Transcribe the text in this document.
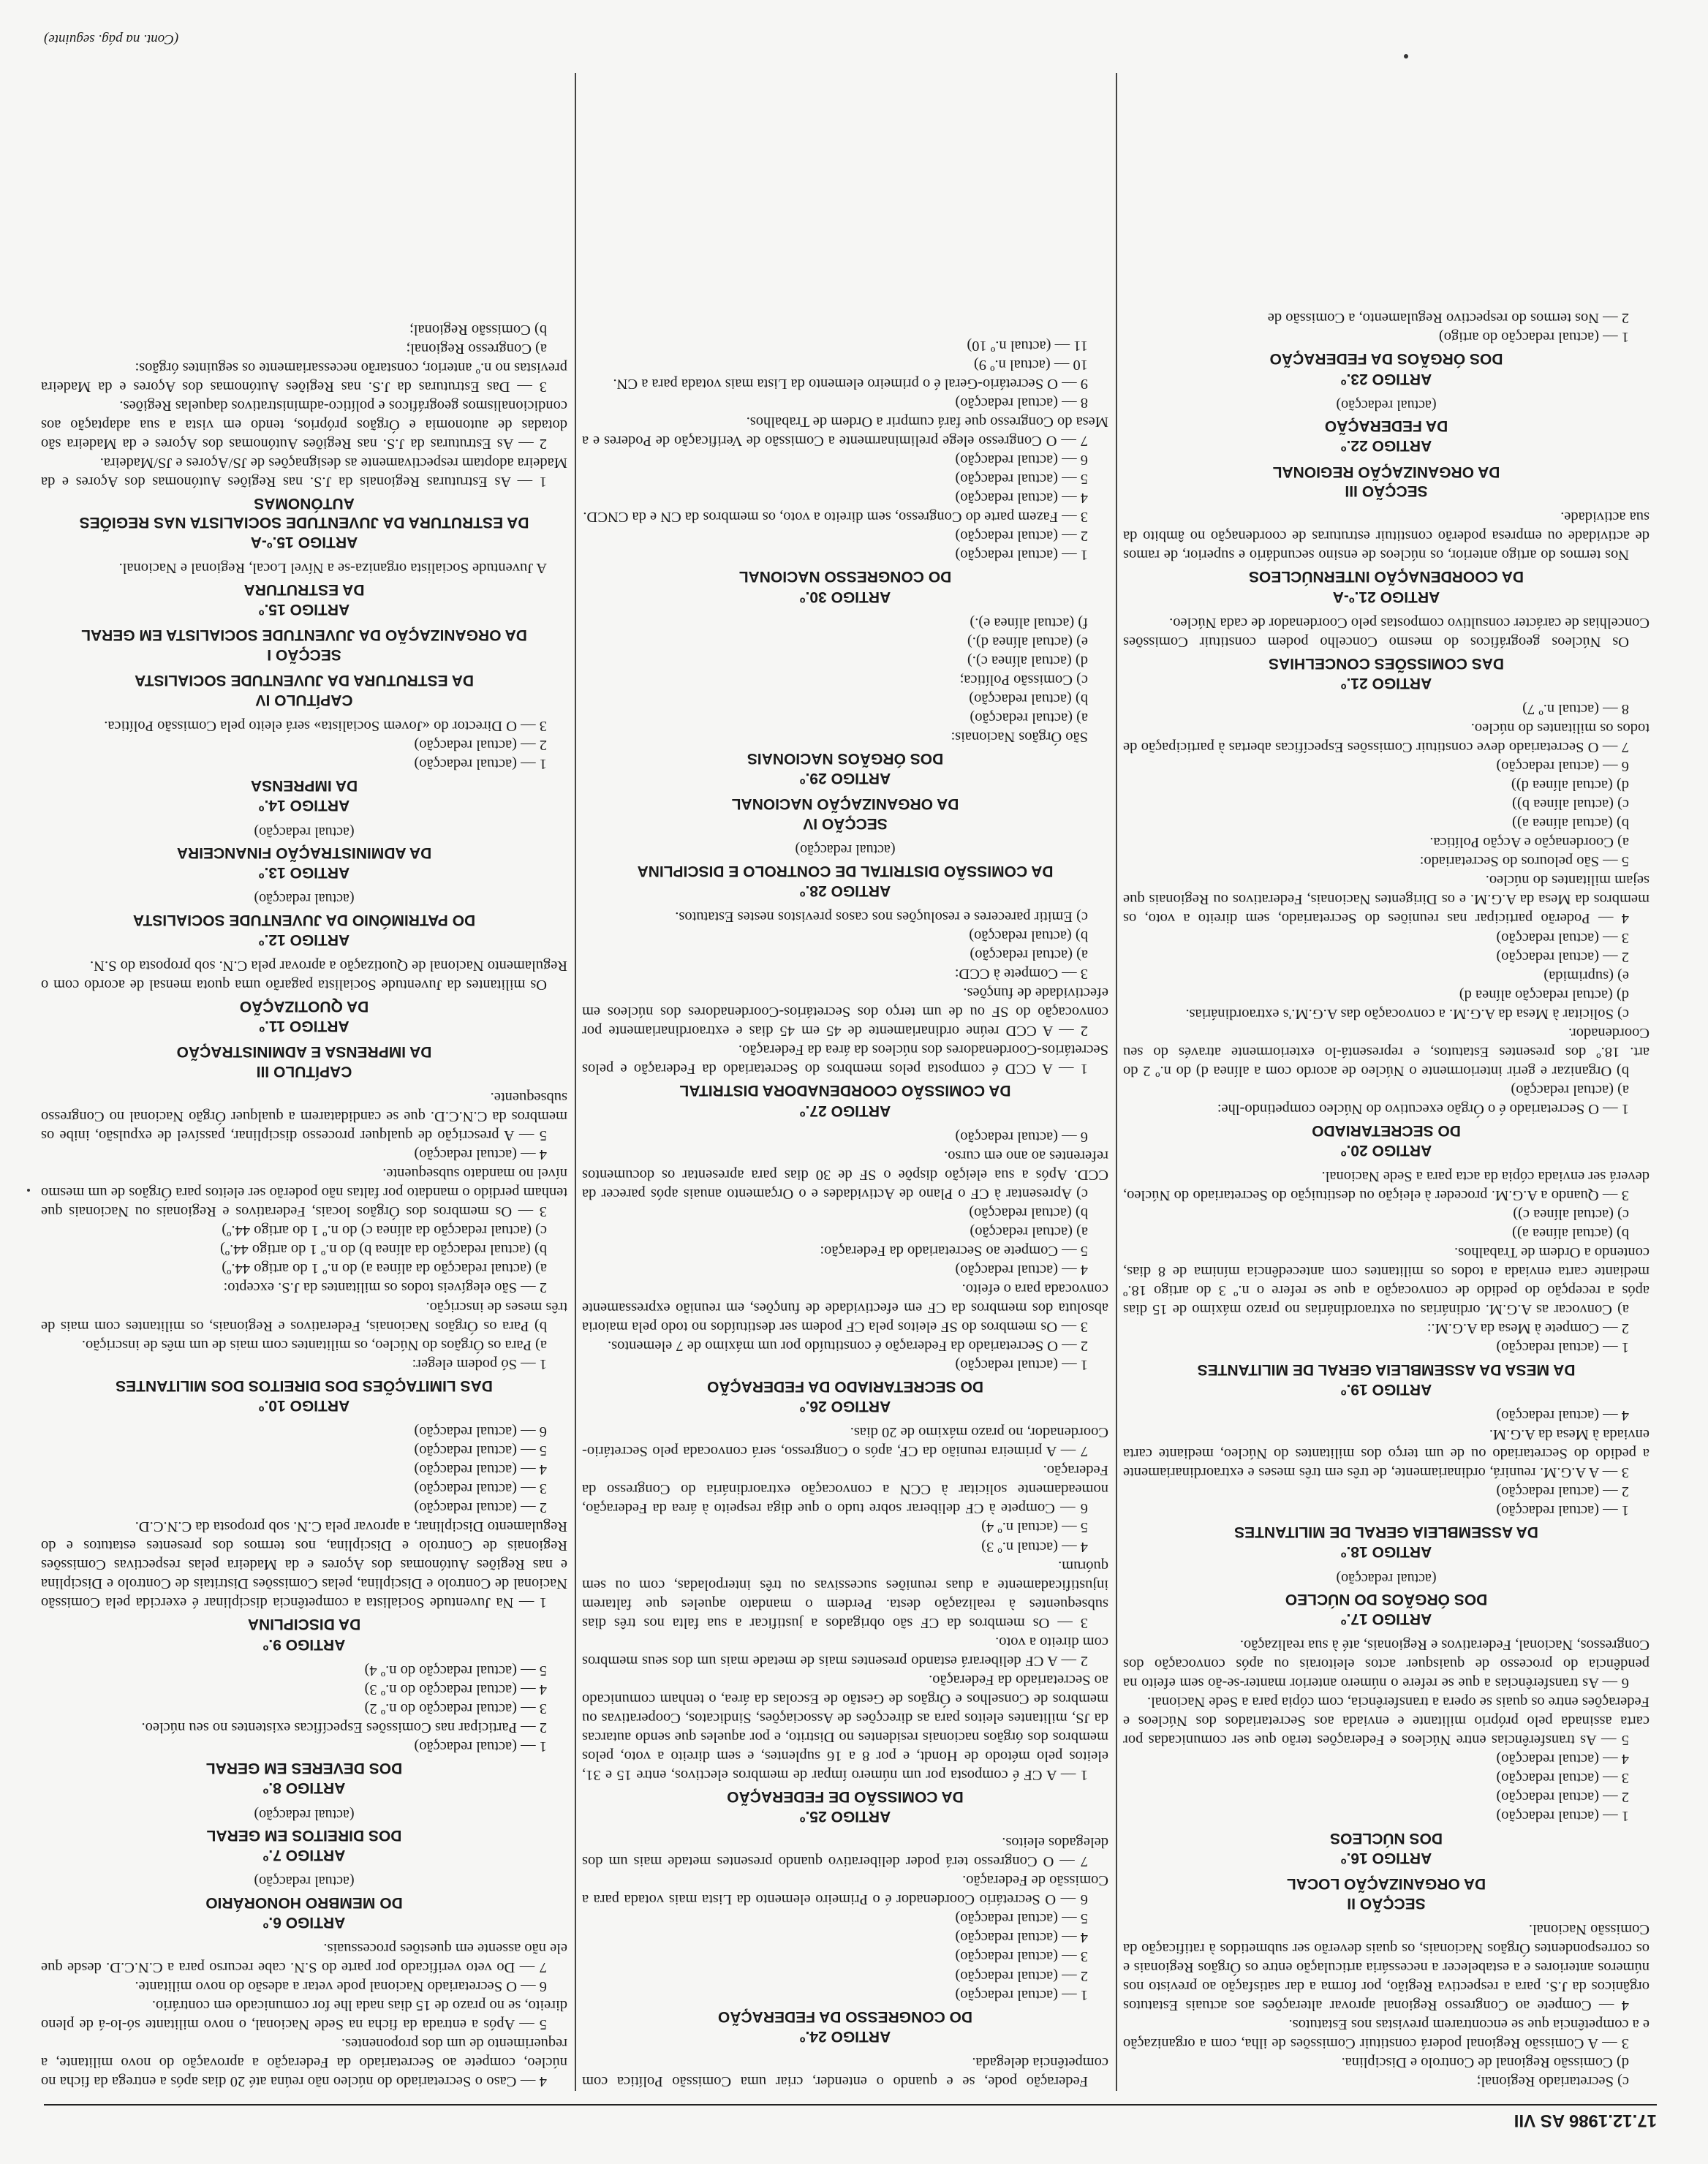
17.12.1986 AS VII

c) Secretariado Regional;

d) Comissão Regional de Controlo e Disciplina.

3 — A Comissão Regional poderá constituir Comissões de ilha, com a organização e a competência que se encontrarem previstas nos Estatutos.

4 — Compete ao Congresso Regional aprovar alterações aos actuais Estatutos orgânicos da J.S. para a respectiva Região, por forma a dar satisfação ao previsto nos números anteriores e a estabelecer a necessária articulação entre os Órgãos Regionais e os correspondentes Órgãos Nacionais, os quais deverão ser submetidos à ratificação da Comissão Nacional.

SECÇÃO II
DA ORGANIZAÇÃO LOCAL
ARTIGO 16.º
DOS NÚCLEOS

1 — (actual redacção)

2 — (actual redacção)

3 — (actual redacção)

4 — (actual redacção)

5 — As transferências entre Núcleos e Federações terão que ser comunicadas por carta assinada pelo próprio militante e enviada aos Secretariados dos Núcleos e Federações entre os quais se opera a transferência, com cópia para a Sede Nacional.

6 — As transferências a que se refere o número anterior manter-se-ão sem efeito na pendência do processo de quaisquer actos eleitorais ou após convocação dos Congressos, Nacional, Federativos e Regionais, até à sua realização.

ARTIGO 17.º
DOS ÓRGÃOS DO NÚCLEO
(actual redacção)
ARTIGO 18.º
DA ASSEMBLEIA GERAL DE MILITANTES

1 — (actual redacção)

2 — (actual redacção)

3 — A A.G.M. reunirá, ordinariamente, de três em três meses e extraordinariamente a pedido do Secretariado ou de um terço dos militantes do Núcleo, mediante carta enviada à Mesa da A.G.M.

4 — (actual redacção)

ARTIGO 19.º
DA MESA DA ASSEMBLEIA GERAL DE MILITANTES

1 — (actual redacção)

2 — Compete à Mesa da A.G.M.:

a) Convocar as A.G.M. ordinárias ou extraordinárias no prazo máximo de 15 dias após a recepção do pedido de convocação a que se refere o n.º 3 do artigo 18.º mediante carta enviada a todos os militantes com antecedência mínima de 8 dias, contendo a Ordem de Trabalhos.

b) (actual alínea a))

c) (actual alínea c))

3 — Quando a A.G.M. proceder à eleição ou destituição do Secretariado do Núcleo, deverá ser enviada cópia da acta para a Sede Nacional.

ARTIGO 20.º
DO SECRETARIADO

1 — O Secretariado é o Órgão executivo do Núcleo competindo-lhe:

a) (actual redacção)

b) Organizar e gerir interiormente o Núcleo de acordo com a alínea d) do n.º 2 do art. 18.º dos presentes Estatutos, e representá-lo exteriormente através do seu Coordenador.

c) Solicitar à Mesa da A.G.M. a convocação das A.G.M.'s extraordinárias.

d) (actual redacção alínea d)

e) (suprimida)

2 — (actual redacção)

3 — (actual redacção)

4 — Poderão participar nas reuniões do Secretariado, sem direito a voto, os membros da Mesa da A.G.M. e os Dirigentes Nacionais, Federativos ou Regionais que sejam militantes do núcleo.

5 — São pelouros do Secretariado:

a) Coordenação e Acção Política.

b) (actual alínea a))

c) (actual alínea b))

d) (actual alínea d))

6 — (actual redacção)

7 — O Secretariado deve constituir Comissões Específicas abertas à participação de todos os militantes do núcleo.

8 — (actual n.º 7)

ARTIGO 21.º
DAS COMISSÕES CONCELHIAS

Os Núcleos geográficos do mesmo Concelho podem constituir Comissões Concelhias de carácter consultivo compostas pelo Coordenador de cada Núcleo.

ARTIGO 21.º-A
DA COORDENAÇÃO INTERNÚCLEOS

Nos termos do artigo anterior, os núcleos de ensino secundário e superior, de ramos de actividade ou empresa poderão constituir estruturas de coordenação no âmbito da sua actividade.

SECÇÃO III
DA ORGANIZAÇÃO REGIONAL
ARTIGO 22.º
DA FEDERAÇÃO
(actual redacção)
ARTIGO 23.º
DOS ÓRGÃOS DA FEDERAÇÃO

1 — (actual redacção do artigo)

2 — Nos termos do respectivo Regulamento, a Comissão de

Federação pode, se e quando o entender, criar uma Comissão Política com competência delegada.

ARTIGO 24.º
DO CONGRESSO DA FEDERAÇÃO

1 — (actual redacção)

2 — (actual redacção)

3 — (actual redacção)

4 — (actual redacção)

5 — (actual redacção)

6 — O Secretário Coordenador é o Primeiro elemento da Lista mais votada para a Comissão de Federação.

7 — O Congresso terá poder deliberativo quando presentes metade mais um dos delegados eleitos.

ARTIGO 25.º
DA COMISSÃO DE FEDERAÇÃO

1 — A CF é composta por um número ímpar de membros electivos, entre 15 e 31, eleitos pelo método de Hondt, e por 8 a 16 suplentes, e sem direito a voto, pelos membros dos órgãos nacionais residentes no Distrito, e por aqueles que sendo autarcas da JS, militantes eleitos para as direcções de Associações, Sindicatos, Cooperativas ou membros de Conselhos e Órgãos de Gestão de Escolas da área, o tenham comunicado ao Secretariado da Federação.

2 — A CF deliberará estando presentes mais de metade mais um dos seus membros com direito a voto.

3 — Os membros da CF são obrigados a justificar a sua falta nos três dias subsequentes à realização desta. Perdem o mandato aqueles que faltarem injustificadamente a duas reuniões sucessivas ou três interpoladas, com ou sem quórum.

4 — (actual n.º 3)

5 — (actual n.º 4)

6 — Compete à CF deliberar sobre tudo o que diga respeito à área da Federação, nomeadamente solicitar à CCN a convocação extraordinária do Congresso da Federação.

7 — A primeira reunião da CF, após o Congresso, será convocada pelo Secretário-Coordenador, no prazo máximo de 20 dias.

ARTIGO 26.º
DO SECRETARIADO DA FEDERAÇÃO

1 — (actual redacção)

2 — O Secretariado da Federação é constituído por um máximo de 7 elementos.

3 — Os membros do SF eleitos pela CF podem ser destituídos no todo pela maioria absoluta dos membros da CF em efectividade de funções, em reunião expressamente convocada para o efeito.

4 — (actual redacção)

5 — Compete ao Secretariado da Federação:

a) (actual redacção)

b) (actual redacção)

c) Apresentar à CF o Plano de Actividades e o Orçamento anuais após parecer da CCD. Após a sua eleição dispõe o SF de 30 dias para apresentar os documentos referentes ao ano em curso.

6 — (actual redacção)

ARTIGO 27.º
DA COMISSÃO COORDENADORA DISTRITAL

1 — A CCD é composta pelos membros do Secretariado da Federação e pelos Secretários-Coordenadores dos núcleos da área da Federação.

2 — A CCD reúne ordinariamente de 45 em 45 dias e extraordinariamente por convocação do SF ou de um terço dos Secretários-Coordenadores dos núcleos em efectividade de funções.

3 — Compete à CCD:

a) (actual redacção)

b) (actual redacção)

c) Emitir pareceres e resoluções nos casos previstos nestes Estatutos.

ARTIGO 28.º
DA COMISSÃO DISTRITAL DE CONTROLO E DISCIPLINA
(actual redacção)
SECÇÃO IV
DA ORGANIZAÇÃO NACIONAL
ARTIGO 29.º
DOS ÓRGÃOS NACIONAIS

São Órgãos Nacionais:

a) (actual redacção)

b) (actual redacção)

c) Comissão Política;

d) (actual alínea c).)

e) (actual alínea d).)

f) (actual alínea e).)

ARTIGO 30.º
DO CONGRESSO NACIONAL

1 — (actual redacção)

2 — (actual redacção)

3 — Fazem parte do Congresso, sem direito a voto, os membros da CN e da CNCD.

4 — (actual redacção)

5 — (actual redacção)

6 — (actual redacção)

7 — O Congresso elege preliminarmente a Comissão de Verificação de Poderes e a Mesa do Congresso que fará cumprir a Ordem de Trabalhos.

8 — (actual redacção)

9 — O Secretário-Geral é o primeiro elemento da Lista mais votada para a CN.

10 — (actual n.º 9)

11 — (actual n.º 10)

4 — Caso o Secretariado do núcleo não reúna até 20 dias após a entrega da ficha no núcleo, compete ao Secretariado da Federação a aprovação do novo militante, a requerimento de um dos proponentes.

5 — Após a entrada da ficha na Sede Nacional, o novo militante só-lo-á de pleno direito, se no prazo de 15 dias nada lhe for comunicado em contrário.

6 — O Secretariado Nacional pode vetar a adesão do novo militante.

7 — Do veto verificado por parte do S.N. cabe recurso para a C.N.C.D. desde que ele não assente em questões processuais.

ARTIGO 6.º
DO MEMBRO HONORÁRIO
(actual redacção)
ARTIGO 7.º
DOS DIREITOS EM GERAL
(actual redacção)
ARTIGO 8.º
DOS DEVERES EM GERAL

1 — (actual redacção)

2 — Participar nas Comissões Específicas existentes no seu núcleo.

3 — (actual redacção do n.º 2)

4 — (actual redacção do n.º 3)

5 — (actual redacção do n.º 4)

ARTIGO 9.º
DA DISCIPLINA

1 — Na Juventude Socialista a competência disciplinar é exercida pela Comissão Nacional de Controlo e Disciplina, pelas Comissões Distritais de Controlo e Disciplina e nas Regiões Autónomas dos Açores e da Madeira pelas respectivas Comissões Regionais de Controlo e Disciplina, nos termos dos presentes estatutos e do Regulamento Disciplinar, a aprovar pela C.N. sob proposta da C.N.C.D.

2 — (actual redacção)

3 — (actual redacção)

4 — (actual redacção)

5 — (actual redacção)

6 — (actual redacção)

ARTIGO 10.º
DAS LIMITAÇÕES DOS DIREITOS DOS MILITANTES

1 — Só podem eleger:

a) Para os Órgãos do Núcleo, os militantes com mais de um mês de inscrição.

b) Para os Órgãos Nacionais, Federativos e Regionais, os militantes com mais de três meses de inscrição.

2 — São elegíveis todos os militantes da J.S. excepto:

a) (actual redacção da alínea a) do n.º 1 do artigo 44.º)

b) (actual redacção da alínea b) do n.º 1 do artigo 44.º)

c) (actual redacção da alínea c) do n.º 1 do artigo 44.º)

3 — Os membros dos Órgãos locais, Federativos e Regionais ou Nacionais que tenham perdido o mandato por faltas não poderão ser eleitos para Órgãos de um mesmo nível no mandato subsequente.

4 — (actual redacção)

5 — A prescrição de qualquer processo disciplinar, passível de expulsão, inibe os membros da C.N.C.D. que se candidatarem a qualquer Órgão Nacional no Congresso subsequente.

CAPÍTULO III
DA IMPRENSA E ADMINISTRAÇÃO
ARTIGO 11.º
DA QUOTIZAÇÃO

Os militantes da Juventude Socialista pagarão uma quota mensal de acordo com o Regulamento Nacional de Quotização a aprovar pela C.N. sob proposta do S.N.

ARTIGO 12.º
DO PATRIMÓNIO DA JUVENTUDE SOCIALISTA
(actual redacção)
ARTIGO 13.º
DA ADMINISTRAÇÃO FINANCEIRA
(actual redacção)
ARTIGO 14.º
DA IMPRENSA

1 — (actual redacção)

2 — (actual redacção)

3 — O Director do «Jovem Socialista» será eleito pela Comissão Política.

CAPÍTULO IV
DA ESTRUTURA DA JUVENTUDE SOCIALISTA
SECÇÃO I
DA ORGANIZAÇÃO DA JUVENTUDE SOCIALISTA EM GERAL
ARTIGO 15.º
DA ESTRUTURA

A Juventude Socialista organiza-se a Nível Local, Regional e Nacional.

ARTIGO 15.º-A
DA ESTRUTURA DA JUVENTUDE SOCIALISTA NAS REGIÕES AUTÓNOMAS

1 — As Estruturas Regionais da J.S. nas Regiões Autónomas dos Açores e da Madeira adoptam respectivamente as designações de JS/Açores e JS/Madeira.

2 — As Estruturas da J.S. nas Regiões Autónomas dos Açores e da Madeira são dotadas de autonomia e Órgãos próprios, tendo em vista a sua adaptação aos condicionalismos geográficos e político-administrativos daquelas Regiões.

3 — Das Estruturas da J.S. nas Regiões Autónomas dos Açores e da Madeira previstas no n.º anterior, constarão necessariamente os seguintes órgãos:

a) Congresso Regional;

b) Comissão Regional;

(Cont. na pág. seguinte)
